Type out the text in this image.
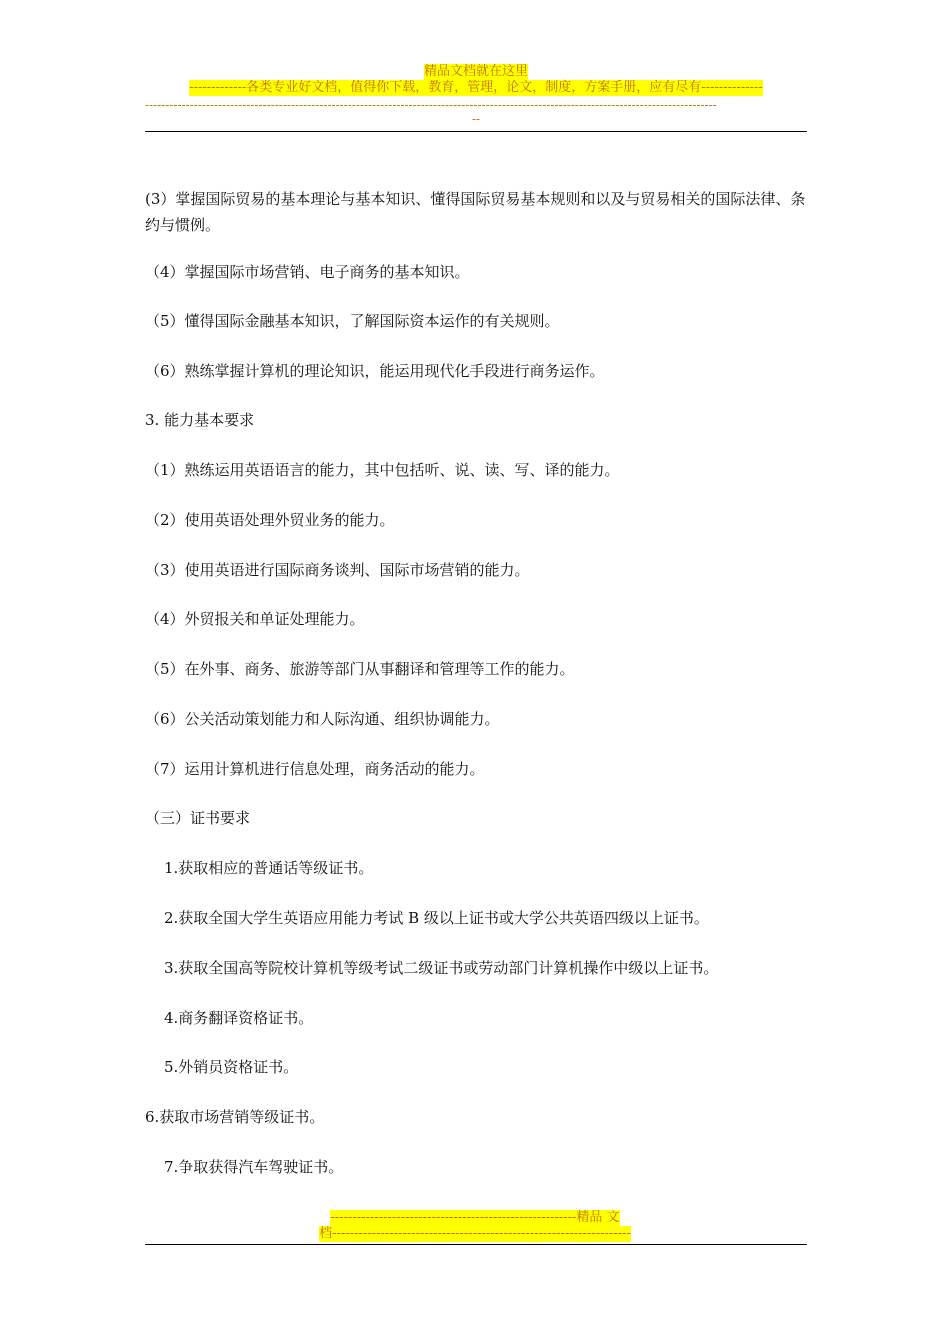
精品文档就在这里
-------------各类专业好文档，值得你下载，教育，管理，论文，制度，方案手册，应有尽有--------------
---------------------------------------------------------------------------------------------------------------------------------------------
--
(3）掌握国际贸易的基本理论与基本知识、懂得国际贸易基本规则和以及与贸易相关的国际法律、条约与惯例。
（4）掌握国际市场营销、电子商务的基本知识。
（5）懂得国际金融基本知识，了解国际资本运作的有关规则。
（6）熟练掌握计算机的理论知识，能运用现代化手段进行商务运作。
3. 能力基本要求
（1）熟练运用英语语言的能力，其中包括听、说、读、写、译的能力。
（2）使用英语处理外贸业务的能力。
（3）使用英语进行国际商务谈判、国际市场营销的能力。
（4）外贸报关和单证处理能力。
（5）在外事、商务、旅游等部门从事翻译和管理等工作的能力。
（6）公关活动策划能力和人际沟通、组织协调能力。
（7）运用计算机进行信息处理，商务活动的能力。
（三）证书要求
1.获取相应的普通话等级证书。
2.获取全国大学生英语应用能力考试 B 级以上证书或大学公共英语四级以上证书。
3.获取全国高等院校计算机等级考试二级证书或劳动部门计算机操作中级以上证书。
4.商务翻译资格证书。
5.外销员资格证书。
6.获取市场营销等级证书。
7.争取获得汽车驾驶证书。
--------------------------------------------------------精品 文
档--------------------------------------------------------------------
